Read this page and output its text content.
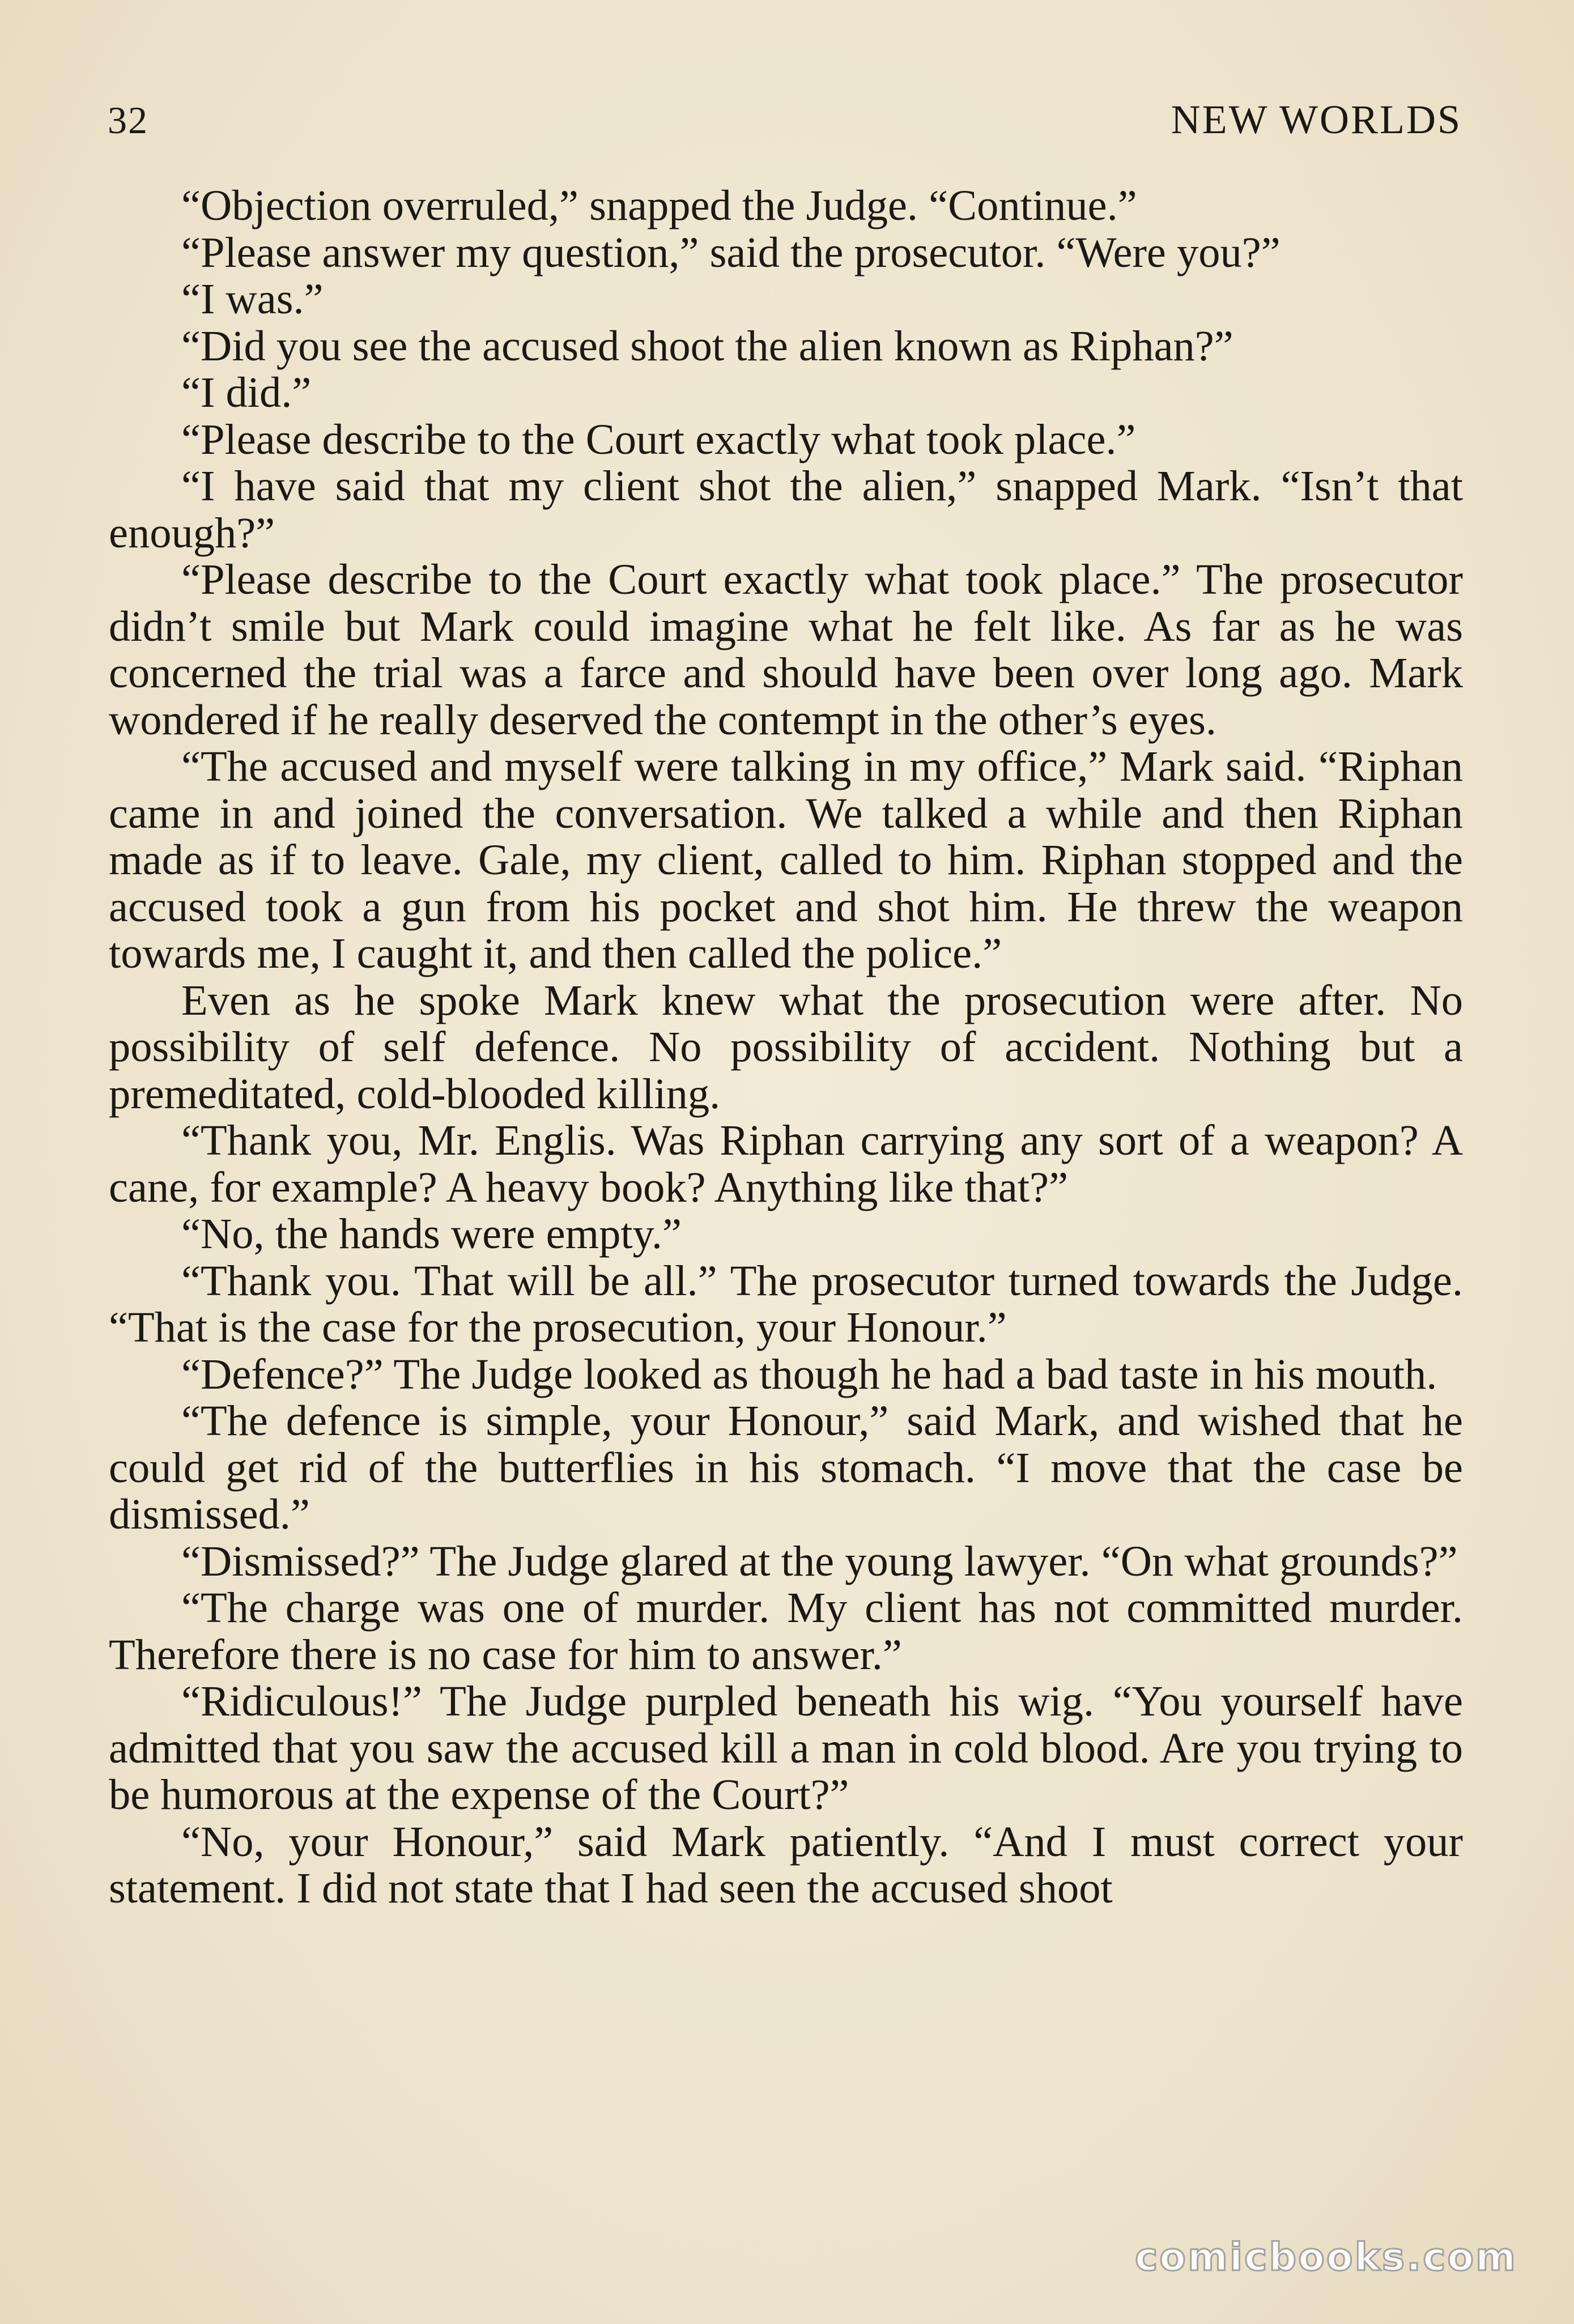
32	NEW WORLDS

“Objection overruled,” snapped the Judge. “Continue.”

“Please answer my question,” said the prosecutor. “Were you?”

“I was.”

“Did you see the accused shoot the alien known as Riphan?”

“I did.”

“Please describe to the Court exactly what took place.”

“I have said that my client shot the alien,” snapped Mark. “Isn’t that enough?”

“Please describe to the Court exactly what took place.” The prosecutor didn’t smile but Mark could imagine what he felt like. As far as he was concerned the trial was a farce and should have been over long ago. Mark wondered if he really deserved the contempt in the other’s eyes.

“The accused and myself were talking in my office,” Mark said. “Riphan came in and joined the conversation. We talked a while and then Riphan made as if to leave. Gale, my client, called to him. Riphan stopped and the accused took a gun from his pocket and shot him. He threw the weapon towards me, I caught it, and then called the police.”

Even as he spoke Mark knew what the prosecution were after. No possibility of self defence. No possibility of accident. Nothing but a premeditated, cold-blooded killing.

“Thank you, Mr. Englis. Was Riphan carrying any sort of a weapon? A cane, for example? A heavy book? Anything like that?”

“No, the hands were empty.”

“Thank you. That will be all.” The prosecutor turned towards the Judge. “That is the case for the prosecution, your Honour.”

“Defence?” The Judge looked as though he had a bad taste in his mouth.

“The defence is simple, your Honour,” said Mark, and wished that he could get rid of the butterflies in his stomach. “I move that the case be dismissed.”

“Dismissed?” The Judge glared at the young lawyer. “On what grounds?”

“The charge was one of murder. My client has not committed murder. Therefore there is no case for him to answer.”

“Ridiculous!” The Judge purpled beneath his wig. “You yourself have admitted that you saw the accused kill a man in cold blood. Are you trying to be humorous at the expense of the Court?”

“No, your Honour,” said Mark patiently. “And I must correct your statement. I did not state that I had seen the accused shoot

comicbooks.com
